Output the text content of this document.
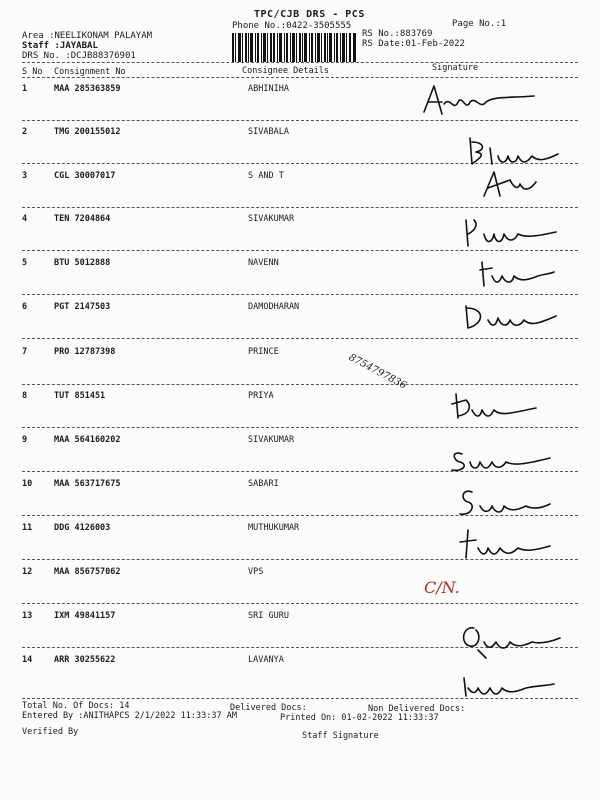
Area :NEELIKONAM PALAYAM
Staff :JAYABAL
DRS No. :DCJB88376901
TPC/CJB DRS - PCS
Phone No.:0422-3505555
RS No.:883769
RS Date:01-Feb-2022
Page No.:1
S No Consignment No	Consignee Details	Signature
1	MAA 285363859	ABHINIHA
2	TMG 200155012	SIVABALA
3	CGL 30007017	S AND T
4	TEN 7204864	SIVAKUMAR
5	BTU 5012888	NAVENN
6	PGT 2147503	DAMODHARAN
7	PRO 12787398	PRINCE
8	TUT 851451	PRIYA
9	MAA 564160202	SIVAKUMAR
10	MAA 563717675	SABARI
11	DDG 4126003	MUTHUKUMAR
12	MAA 856757062	VPS
13	IXM 49841157	SRI GURU
14	ARR 30255622	LAVANYA
8754797836
C/N.
Total No. Of Docs: 14	Delivered Docs:	Non Delivered Docs:
Entered By :ANITHAPCS 2/1/2022 11:33:37 AM	Printed On: 01-02-2022 11:33:37
Verified By	Staff Signature
